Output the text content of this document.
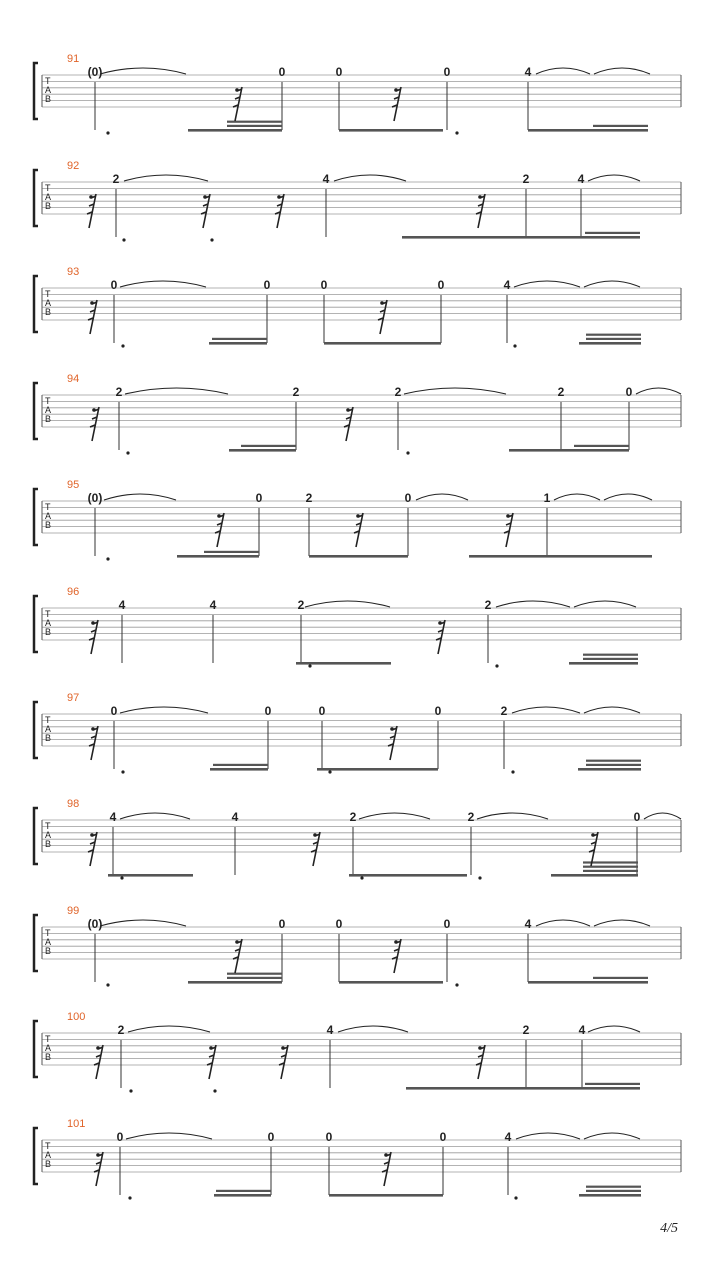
91
T
A
B
(0)	0	0	0	4
92
T
A
B
2	4	2	4
93
T
A
B
0	0	0	0	4
94
T
A
B
2	2	2	2	0
95
T
A
B
(0)	0	2	0	1
96
T
A
B
4	4	2	2
97
T
A
B
0	0	0	0	2
98
T
A
B
4	4	2	2	0
99
T
A
B
(0)	0	0	0	4
100
T
A
B
2	4	2	4
101
T
A
B
0	0	0	0	4
4/5
